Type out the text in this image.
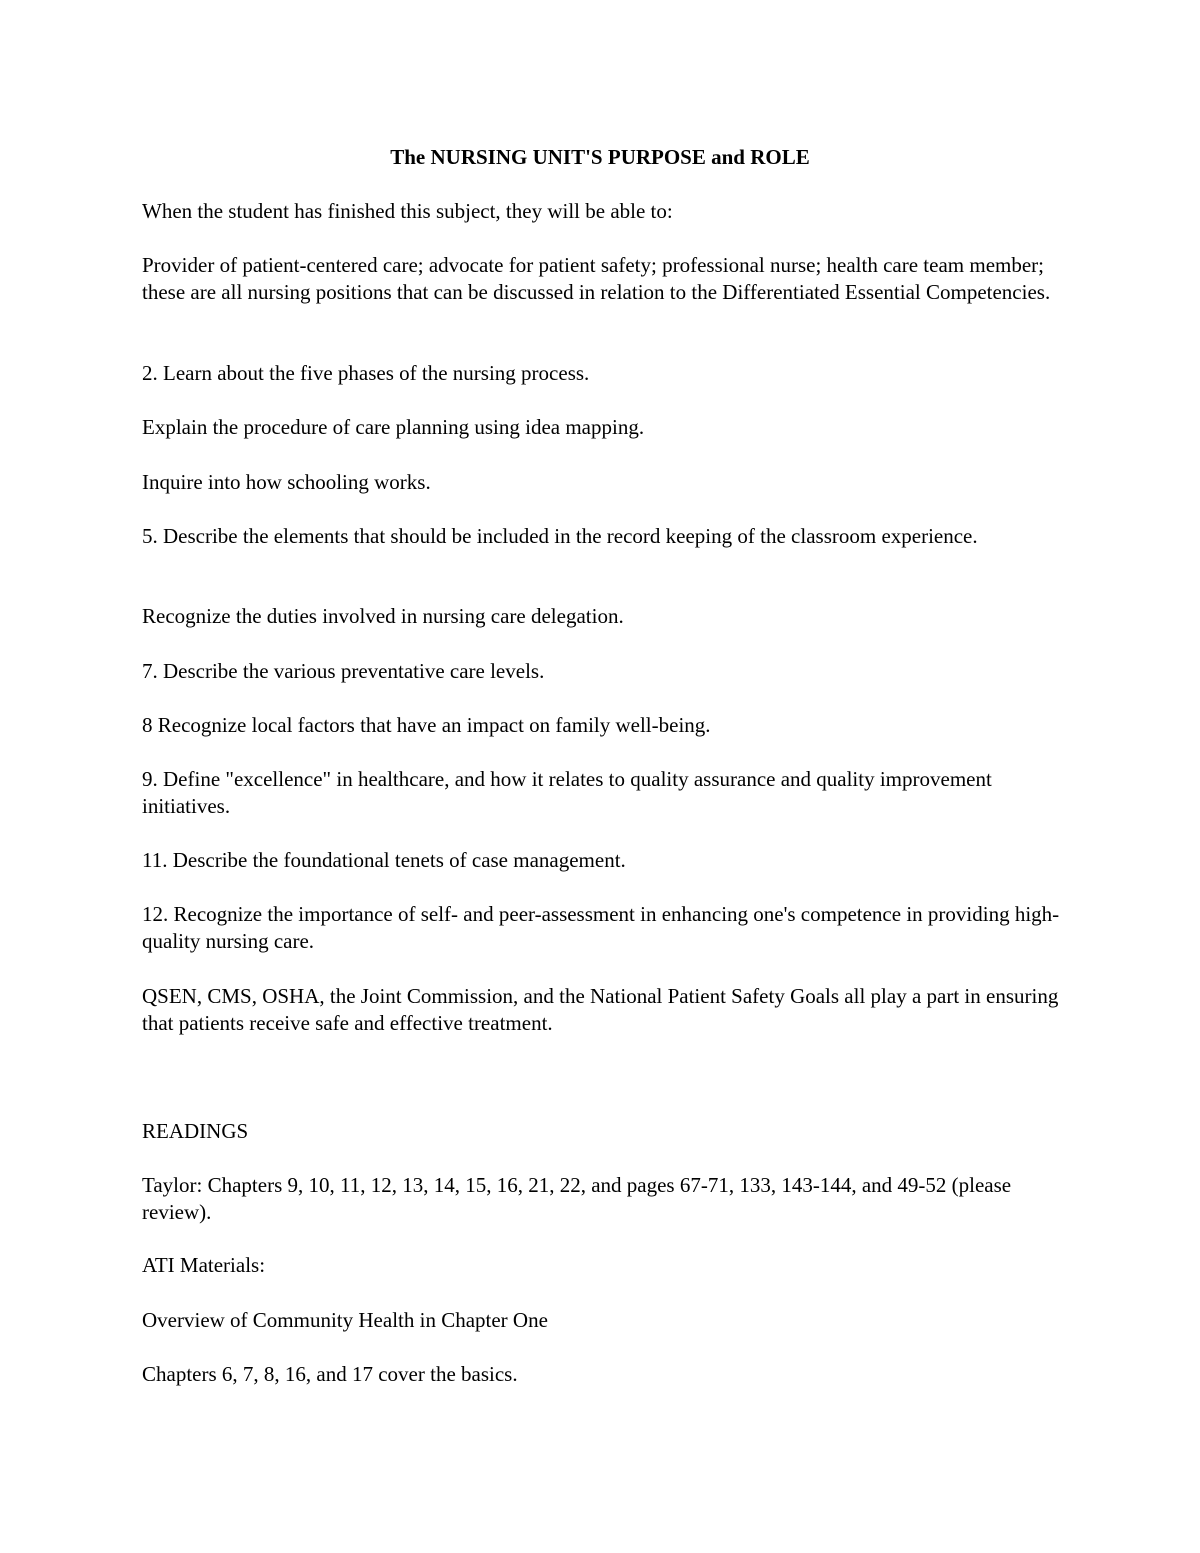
The NURSING UNIT'S PURPOSE and ROLE

When the student has finished this subject, they will be able to:

Provider of patient-centered care; advocate for patient safety; professional nurse; health care team member; these are all nursing positions that can be discussed in relation to the Differentiated Essential Competencies.

2. Learn about the five phases of the nursing process.

Explain the procedure of care planning using idea mapping.

Inquire into how schooling works.

5. Describe the elements that should be included in the record keeping of the classroom experience.

Recognize the duties involved in nursing care delegation.

7. Describe the various preventative care levels.

8 Recognize local factors that have an impact on family well-being.

9. Define "excellence" in healthcare, and how it relates to quality assurance and quality improvement initiatives.

11. Describe the foundational tenets of case management.

12. Recognize the importance of self- and peer-assessment in enhancing one's competence in providing high-quality nursing care.

QSEN, CMS, OSHA, the Joint Commission, and the National Patient Safety Goals all play a part in ensuring that patients receive safe and effective treatment.

READINGS

Taylor: Chapters 9, 10, 11, 12, 13, 14, 15, 16, 21, 22, and pages 67-71, 133, 143-144, and 49-52 (please review).

ATI Materials:

Overview of Community Health in Chapter One

Chapters 6, 7, 8, 16, and 17 cover the basics.
